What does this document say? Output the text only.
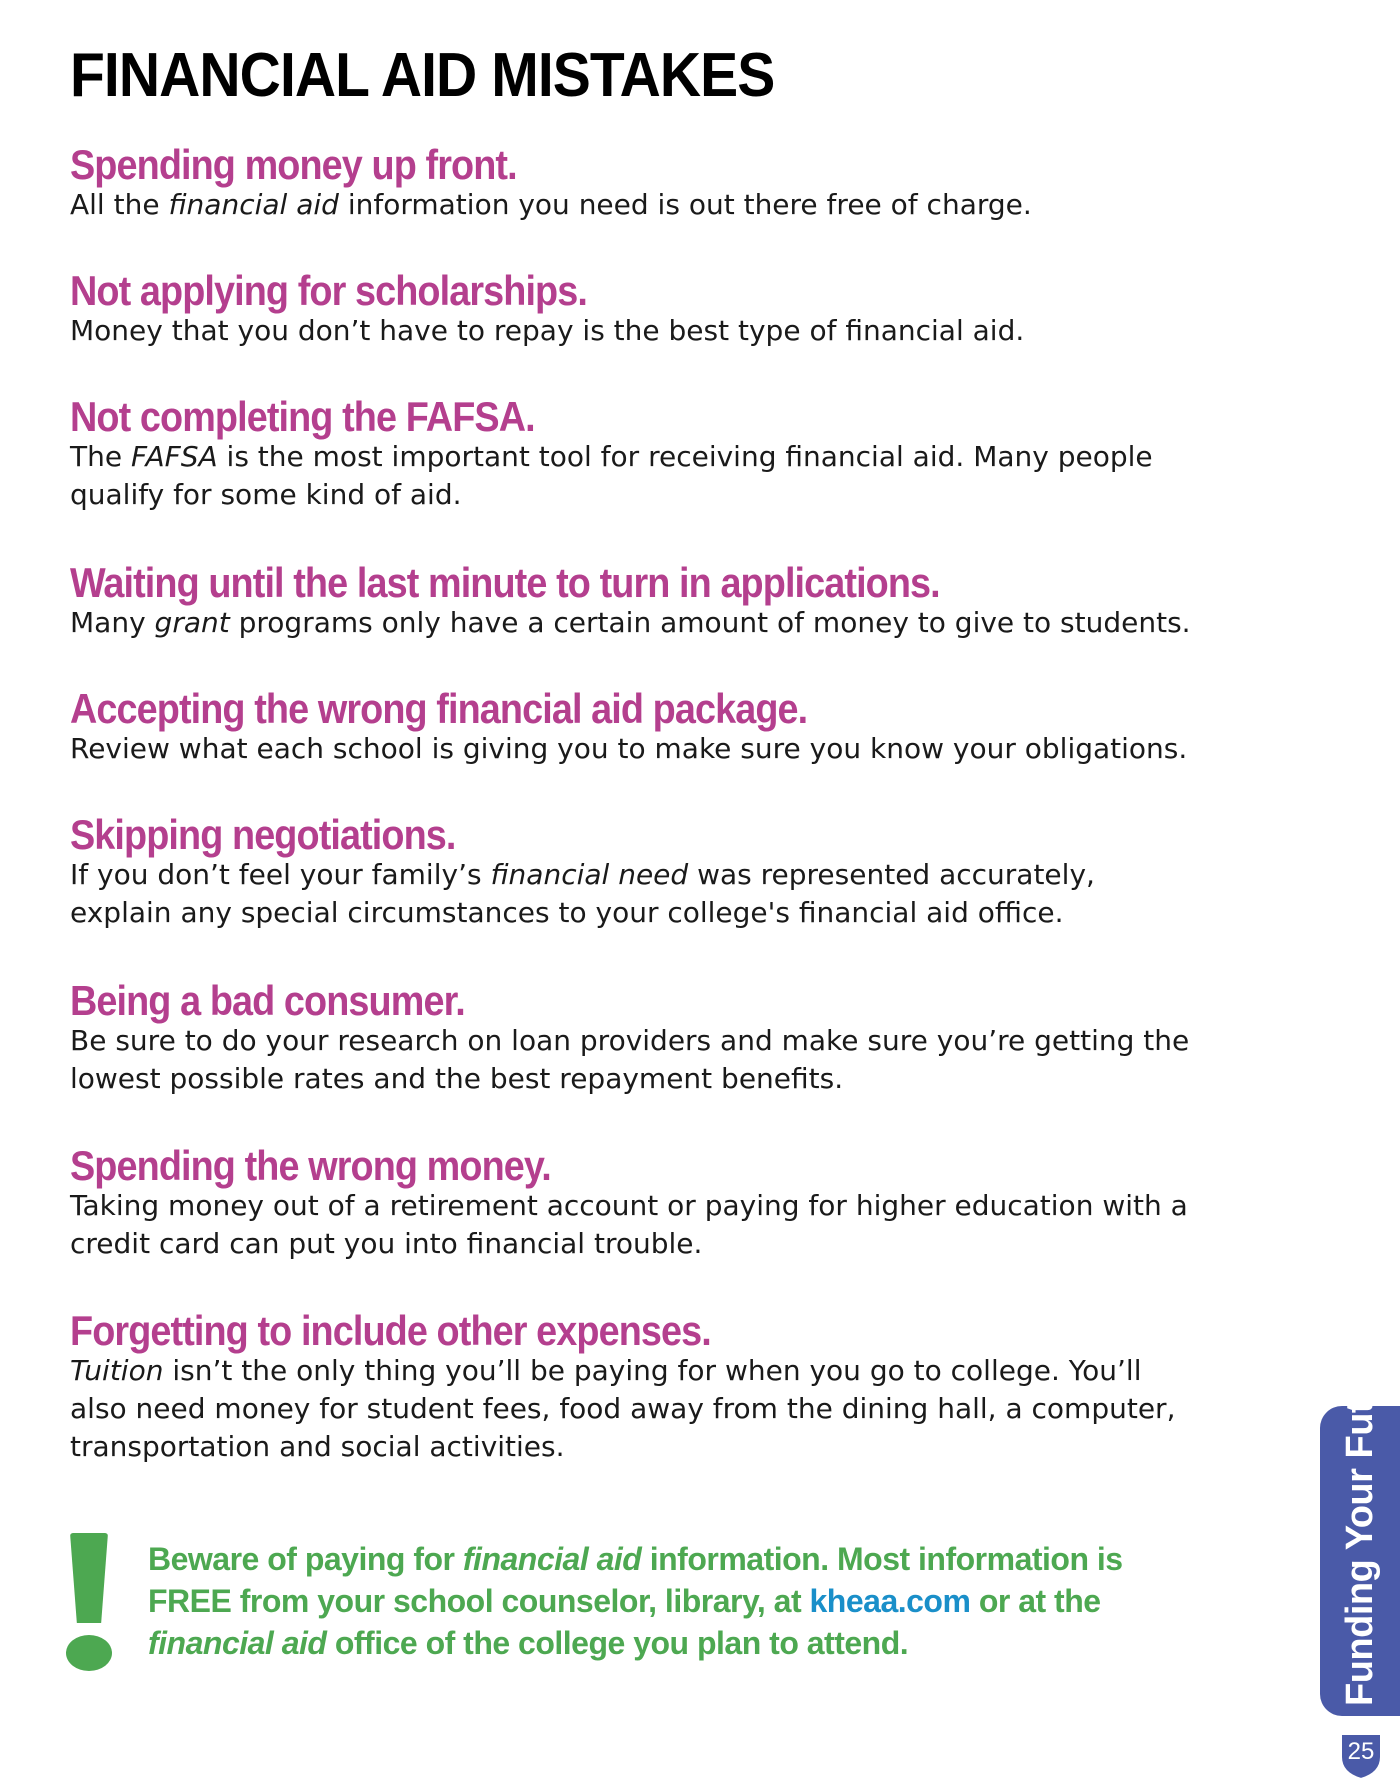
FINANCIAL AID MISTAKES
Spending money up front.
All the financial aid information you need is out there free of charge.
Not applying for scholarships.
Money that you don’t have to repay is the best type of financial aid.
Not completing the FAFSA.
The FAFSA is the most important tool for receiving financial aid. Many people qualify for some kind of aid.
Waiting until the last minute to turn in applications.
Many grant programs only have a certain amount of money to give to students.
Accepting the wrong financial aid package.
Review what each school is giving you to make sure you know your obligations.
Skipping negotiations.
If you don’t feel your family’s financial need was represented accurately, explain any special circumstances to your college's financial aid office.
Being a bad consumer.
Be sure to do your research on loan providers and make sure you’re getting the lowest possible rates and the best repayment benefits.
Spending the wrong money.
Taking money out of a retirement account or paying for higher education with a credit card can put you into financial trouble.
Forgetting to include other expenses.
Tuition isn’t the only thing you’ll be paying for when you go to college. You’ll also need money for student fees, food away from the dining hall, a computer, transportation and social activities.
Beware of paying for financial aid information. Most information is FREE from your school counselor, library, at kheaa.com or at the financial aid office of the college you plan to attend.	Funding Your Future
25
